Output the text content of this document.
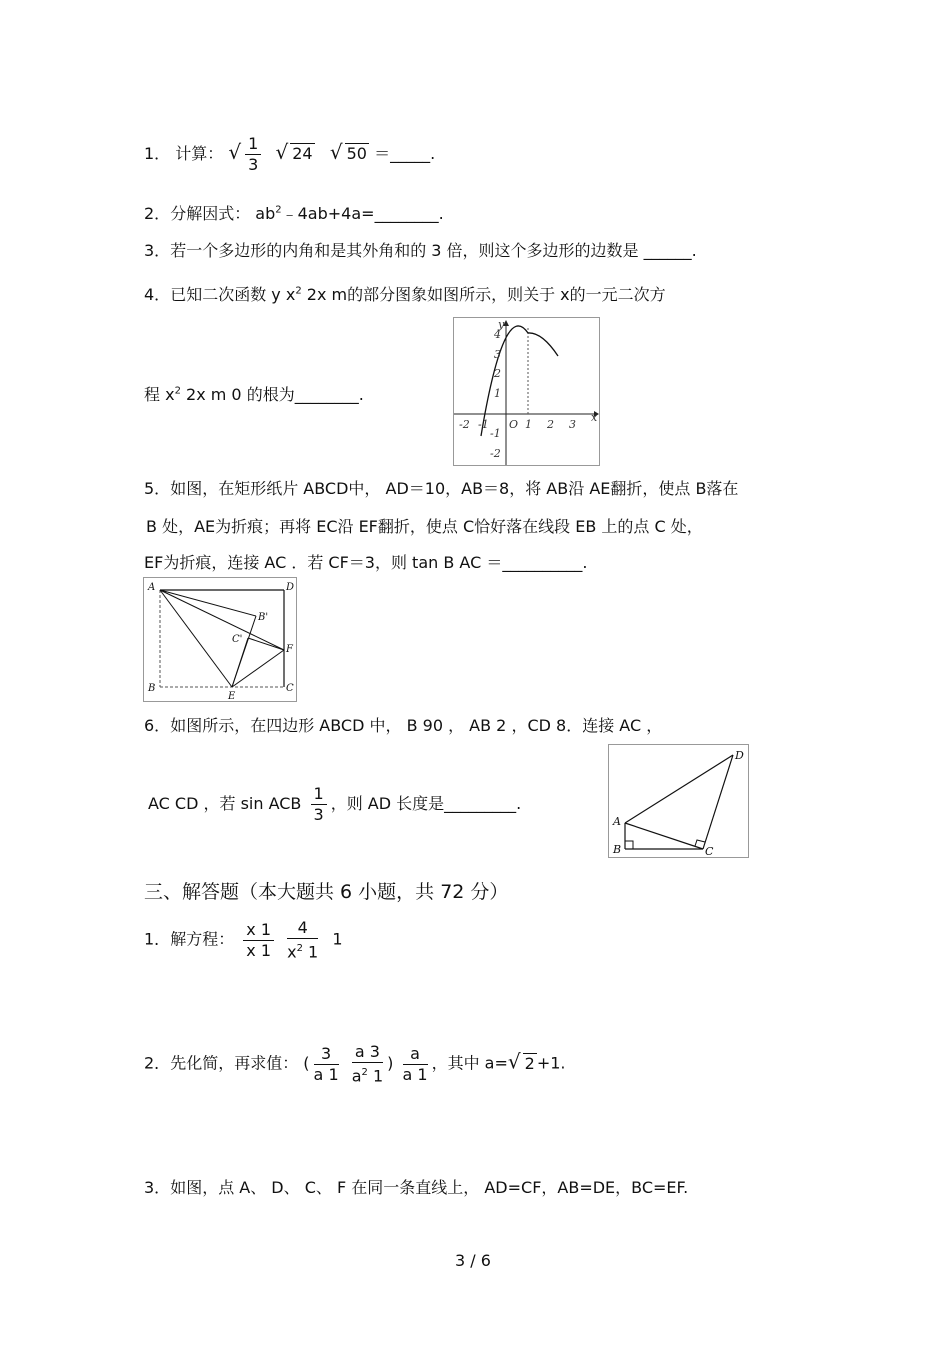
1． 计算： √ $\frac{1}{3}$ √ 24 √ 50 ＝_____.
2．分解因式： $ab^2﹣4ab+4a=\_\_\_\_\_\_\_\_$.
3．若一个多边形的内角和是其外角和的 3 倍，则这个多边形的边数是 ______.
4．已知二次函数 y $x^2$ 2x m的部分图象如图所示，则关于 x的一元二次方
程 $x^2$ 2x m 0 的根为________.
-2 -1 O 1 2 3
x
y
4
3
2
1
-1
-2
5．如图，在矩形纸片 ABCD中， AD＝10，AB＝8，将 AB沿 AE翻折，使点 B落在
B 处，AE为折痕；再将 EC沿 EF翻折，使点 C恰好落在线段 EB 上的点 C 处，
EF为折痕，连接 AC ．若 CF＝3，则 tan B AC ＝__________.
A	D
B'
C'
F
B
E
C
6．如图所示，在四边形 ABCD 中， B 90 ， AB 2 ，CD 8．连接 AC ，
AC CD ，若 sin ACB $\frac{1}{3}$ ，则 AD 长度是_________.
D
A
B	C
三、解答题（本大题共 6 小题，共 72 分）
1．解方程： $\frac{x 1}{x 1}$
$\frac{4}{x^2 1} 1$
2．先化简，再求值： ( $\frac{3}{a 1}$
$\frac{a 3}{a^2 1}$ ) $\frac{a}{a 1}$ ，其中 a=√ 2 +1.
3．如图，点 A、 D、 C、 F 在同一条直线上， AD=CF，AB=DE，BC=EF.
3 / 6
